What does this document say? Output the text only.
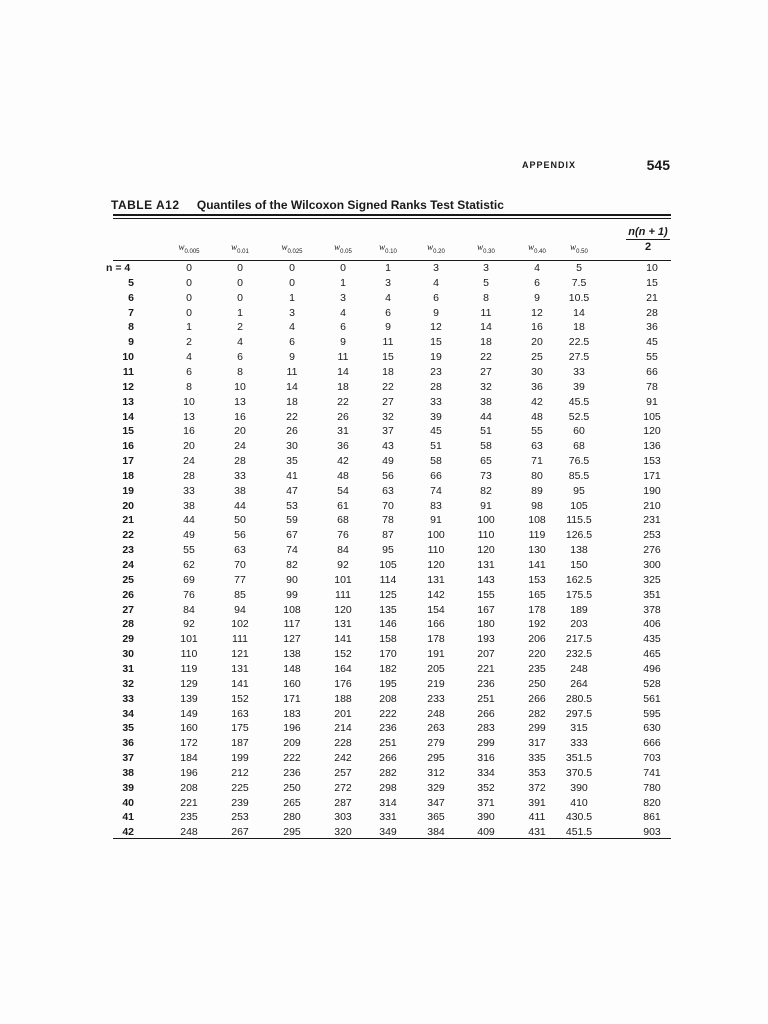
APPENDIX	545
TABLE A12 Quantiles of the Wilcoxon Signed Ranks Test Statistic
$\frac{n(n + 1)}{2}$
$w_{0.005}$	$w_{0.01}$	$w_{0.025}$	$w_{0.05}$	$w_{0.10}$	$w_{0.20}$	$w_{0.30}$	$w_{0.40}$	$w_{0.50}$
n = 4	0	0	0	0	1	3	3	4	5	10
5	0	0	0	1	3	4	5	6	7.5	15
6	0	0	1	3	4	6	8	9	10.5	21
7	0	1	3	4	6	9	11	12	14	28
8	1	2	4	6	9	12	14	16	18	36
9	2	4	6	9	11	15	18	20	22.5	45
10	4	6	9	11	15	19	22	25	27.5	55
11	6	8	11	14	18	23	27	30	33	66
12	8	10	14	18	22	28	32	36	39	78
13	10	13	18	22	27	33	38	42	45.5	91
14	13	16	22	26	32	39	44	48	52.5	105
15	16	20	26	31	37	45	51	55	60	120
16	20	24	30	36	43	51	58	63	68	136
17	24	28	35	42	49	58	65	71	76.5	153
18	28	33	41	48	56	66	73	80	85.5	171
19	33	38	47	54	63	74	82	89	95	190
20	38	44	53	61	70	83	91	98	105	210
21	44	50	59	68	78	91	100	108	115.5	231
22	49	56	67	76	87	100	110	119	126.5	253
23	55	63	74	84	95	110	120	130	138	276
24	62	70	82	92	105	120	131	141	150	300
25	69	77	90	101	114	131	143	153	162.5	325
26	76	85	99	111	125	142	155	165	175.5	351
27	84	94	108	120	135	154	167	178	189	378
28	92	102	117	131	146	166	180	192	203	406
29	101	111	127	141	158	178	193	206	217.5	435
30	110	121	138	152	170	191	207	220	232.5	465
31	119	131	148	164	182	205	221	235	248	496
32	129	141	160	176	195	219	236	250	264	528
33	139	152	171	188	208	233	251	266	280.5	561
34	149	163	183	201	222	248	266	282	297.5	595
35	160	175	196	214	236	263	283	299	315	630
36	172	187	209	228	251	279	299	317	333	666
37	184	199	222	242	266	295	316	335	351.5	703
38	196	212	236	257	282	312	334	353	370.5	741
39	208	225	250	272	298	329	352	372	390	780
40	221	239	265	287	314	347	371	391	410	820
41	235	253	280	303	331	365	390	411	430.5	861
42	248	267	295	320	349	384	409	431	451.5	903
